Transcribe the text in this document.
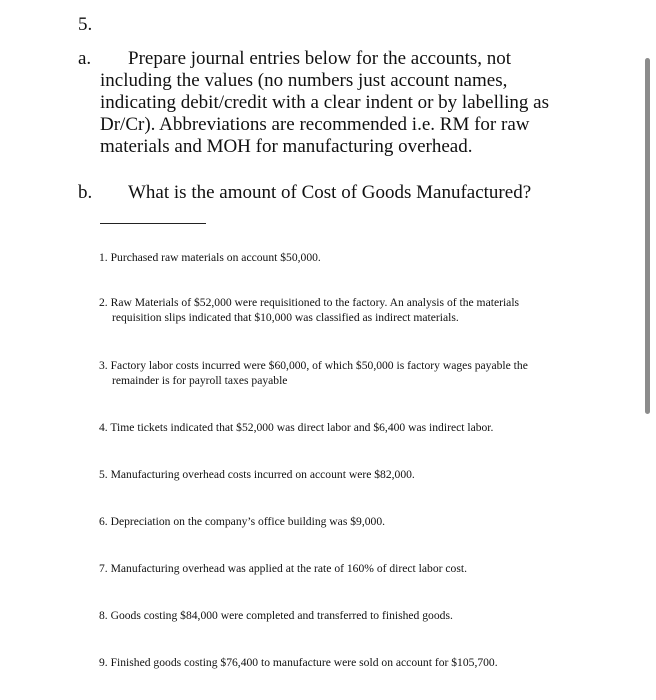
5.
a.	Prepare journal entries below for the accounts, not including the values (no numbers just account names, indicating debit/credit with a clear indent or by labelling as Dr/Cr). Abbreviations are recommended i.e. RM for raw materials and MOH for manufacturing overhead.
b.	What is the amount of Cost of Goods Manufactured?
1. Purchased raw materials on account $50,000.
2. Raw Materials of $52,000 were requisitioned to the factory. An analysis of the materials
requisition slips indicated that $10,000 was classified as indirect materials.
3. Factory labor costs incurred were $60,000, of which $50,000 is factory wages payable the
remainder is for payroll taxes payable
4. Time tickets indicated that $52,000 was direct labor and $6,400 was indirect labor.
5. Manufacturing overhead costs incurred on account were $82,000.
6. Depreciation on the company’s office building was $9,000.
7. Manufacturing overhead was applied at the rate of 160% of direct labor cost.
8. Goods costing $84,000 were completed and transferred to finished goods.
9. Finished goods costing $76,400 to manufacture were sold on account for $105,700.
